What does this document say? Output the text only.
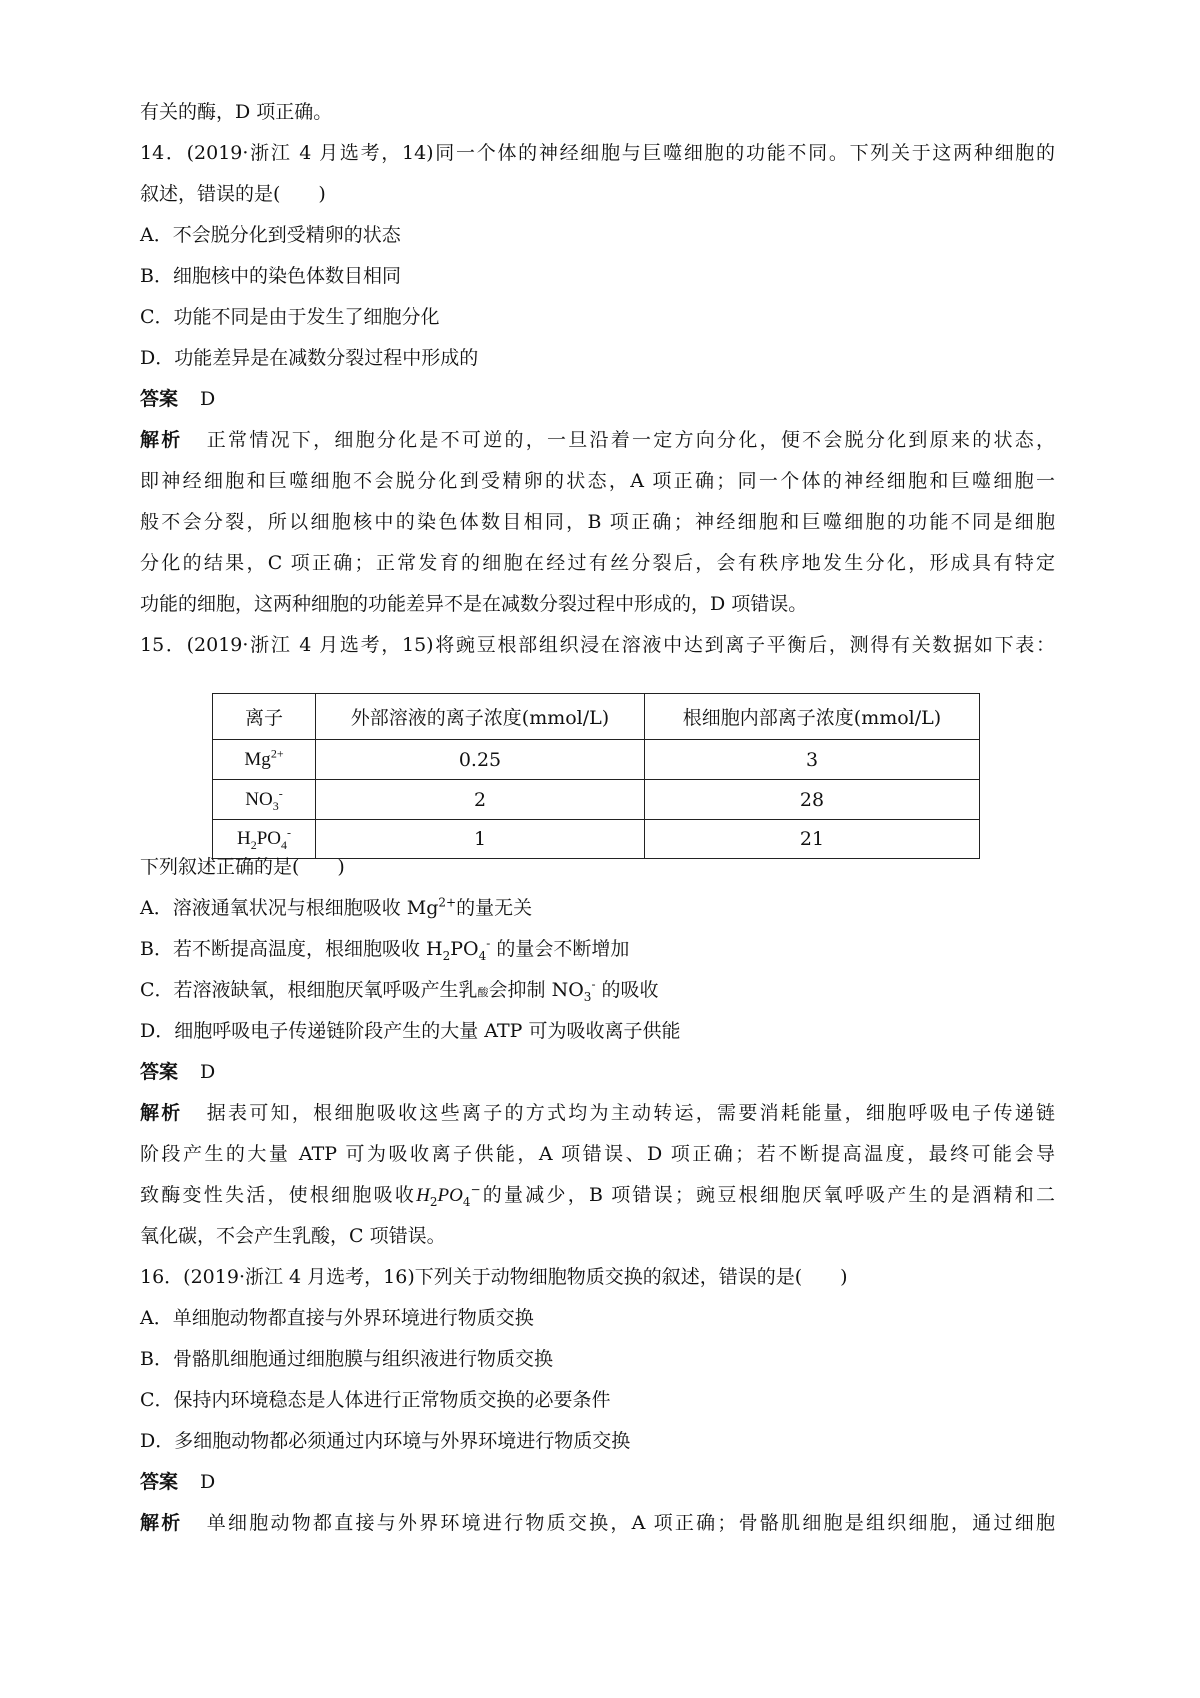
有关的酶，D 项正确。

14．(2019·浙江 4 月选考，14)同一个体的神经细胞与巨噬细胞的功能不同。下列关于这两种细胞的

叙述，错误的是(　　)

A．不会脱分化到受精卵的状态

B．细胞核中的染色体数目相同

C．功能不同是由于发生了细胞分化

D．功能差异是在减数分裂过程中形成的

答案 D

解析 正常情况下，细胞分化是不可逆的，一旦沿着一定方向分化，便不会脱分化到原来的状态，

即神经细胞和巨噬细胞不会脱分化到受精卵的状态，A 项正确；同一个体的神经细胞和巨噬细胞一

般不会分裂，所以细胞核中的染色体数目相同，B 项正确；神经细胞和巨噬细胞的功能不同是细胞

分化的结果，C 项正确；正常发育的细胞在经过有丝分裂后，会有秩序地发生分化，形成具有特定

功能的细胞，这两种细胞的功能差异不是在减数分裂过程中形成的，D 项错误。

15．(2019·浙江 4 月选考，15)将豌豆根部组织浸在溶液中达到离子平衡后，测得有关数据如下表：

离子	外部溶液的离子浓度(mmol/L)	根细胞内部离子浓度(mmol/L)
$Mg^{2+}$	0.25	3
$NO_3^-$	2	28
$H_2PO_4^-$	1	21

下列叙述正确的是(　　)

A．溶液通氧状况与根细胞吸收 $Mg^{2+}$的量无关

B．若不断提高温度，根细胞吸收 $H_2PO_4^-$ 的量会不断增加

C．若溶液缺氧，根细胞厌氧呼吸产生乳酸会抑制 $NO_3^-$ 的吸收

D．细胞呼吸电子传递链阶段产生的大量 ATP 可为吸收离子供能

答案 D

解析 据表可知，根细胞吸收这些离子的方式均为主动转运，需要消耗能量，细胞呼吸电子传递链

阶段产生的大量 ATP 可为吸收离子供能，A 项错误、D 项正确；若不断提高温度，最终可能会导

致酶变性失活，使根细胞吸收$H_2PO_4^-$的量减少，B 项错误；豌豆根细胞厌氧呼吸产生的是酒精和二

氧化碳，不会产生乳酸，C 项错误。

16．(2019·浙江 4 月选考，16)下列关于动物细胞物质交换的叙述，错误的是(　　)

A．单细胞动物都直接与外界环境进行物质交换

B．骨骼肌细胞通过细胞膜与组织液进行物质交换

C．保持内环境稳态是人体进行正常物质交换的必要条件

D．多细胞动物都必须通过内环境与外界环境进行物质交换

答案 D

解析 单细胞动物都直接与外界环境进行物质交换，A 项正确；骨骼肌细胞是组织细胞，通过细胞
